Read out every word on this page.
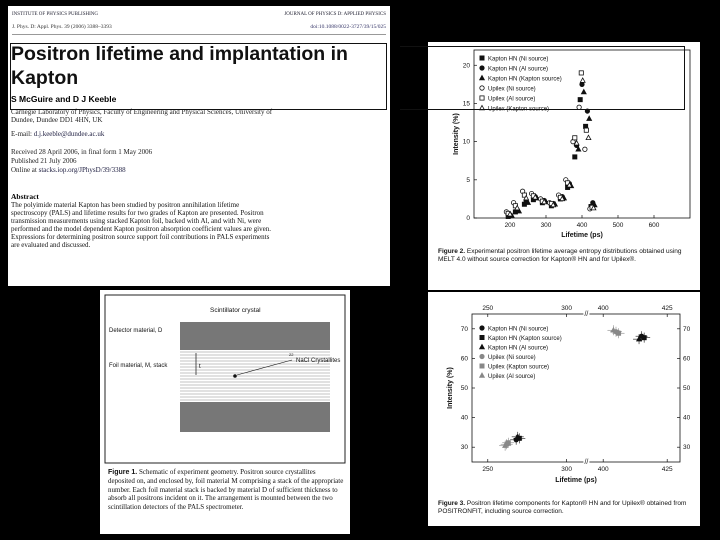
INSTITUTE OF PHYSICS PUBLISHING	JOURNAL OF PHYSICS D: APPLIED PHYSICS
J. Phys. D: Appl. Phys. 39 (2006) 3388–3393	doi:10.1088/0022-3727/39/15/025
Positron lifetime and implantation in
Kapton
S McGuire and D J Keeble
Carnegie Laboratory of Physics, Faculty of Engineering and Physical Sciences, University of
Dundee, Dundee DD1 4HN, UK
E-mail: d.j.keeble@dundee.ac.uk
Received 28 April 2006, in final form 1 May 2006
Published 21 July 2006
Online at stacks.iop.org/JPhysD/39/3388
Abstract
The polyimide material Kapton has been studied by positron annihilation lifetime spectroscopy (PALS) and lifetime results for two grades of Kapton are presented. Positron transmission measurements using stacked Kapton foil, backed with Al, and with Ni, were performed and the model dependent Kapton positron absorption coefficient values are given. Expressions for determining positron source support foil contributions in PALS experiments are evaluated and discussed.
Scintillator crystal
Detector material, D
Foil material, M, stack	t
22
NaCl Crystallites
Figure 1. Schematic of experiment geometry. Positron source crystallites deposited on, and enclosed by, foil material M comprising a stack of the appropriate number. Each foil material stack is backed by material D of sufficient thickness to absorb all positrons incident on it. The arrangement is mounted between the two scintillation detectors of the PALS spectrometer.
200	300	400	500	600
0
5
10
15
20
Lifetime (ps)
Intensity (%)
Kapton HN (Ni source)
Kapton HN (Al source)
Kapton HN (Kapton source)
Upilex (Ni source)
Upilex (Al source)
Upilex (Kapton source)
Figure 2. Experimental positron lifetime average entropy distributions obtained using MELT 4.0 without source correction for Kapton® HN and for Upilex®.
//
//
250	300	400	425
250	300	400	425
30	30
40	40
50	50
60	60
70	70
Lifetime (ps)
Intensity (%)
Kapton HN (Ni source)
Kapton HN (Kapton source)
Kapton HN (Al source)
Upilex (Ni source)
Upilex (Kapton source)
Upilex (Al source)
Figure 3. Positron lifetime components for Kapton® HN and for Upilex® obtained from POSITRONFIT, including source correction.
